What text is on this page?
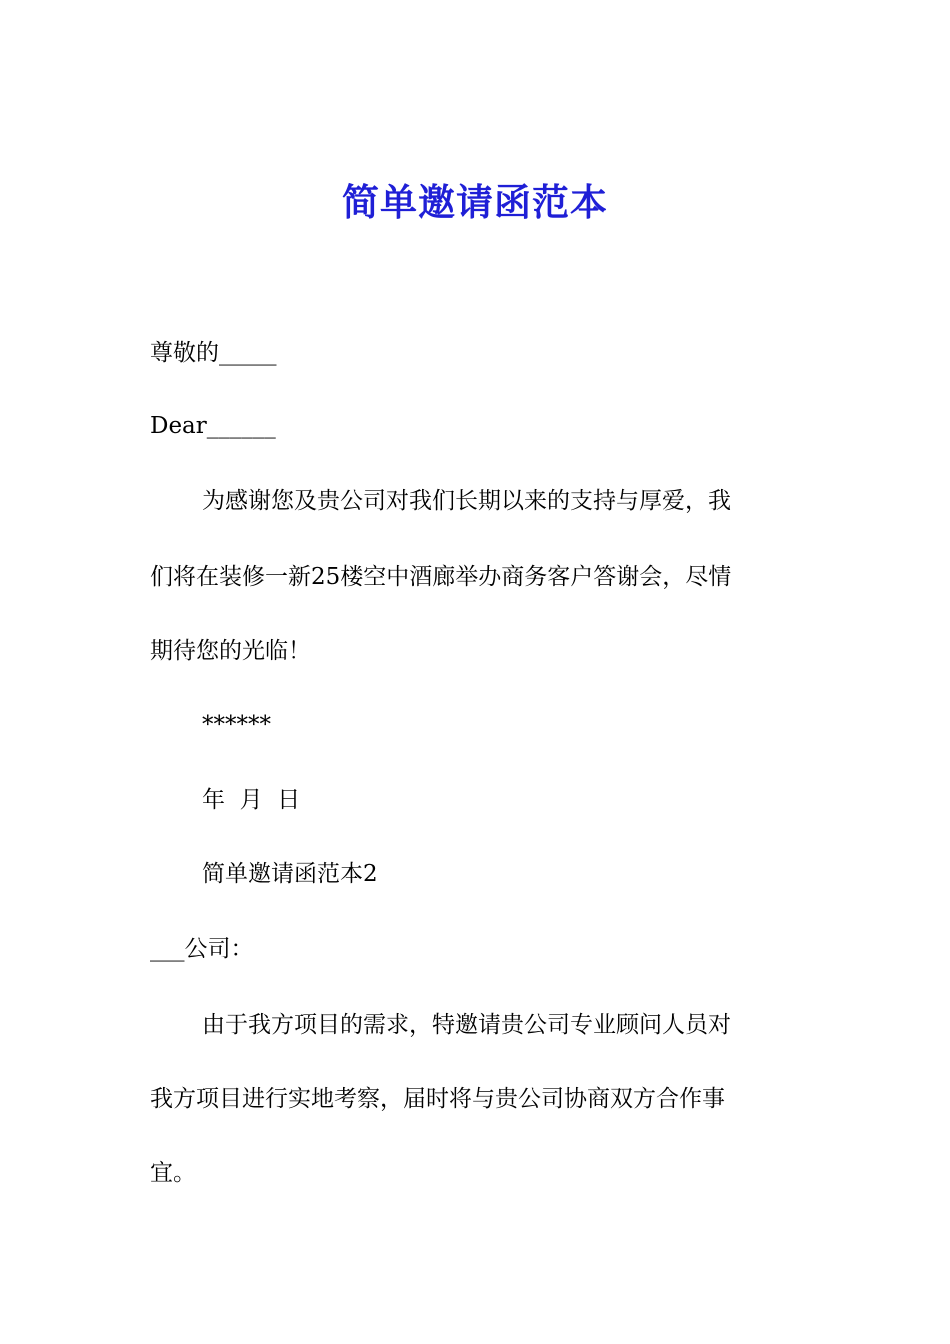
简单邀请函范本
尊敬的_____
Dear______
为感谢您及贵公司对我们长期以来的支持与厚爱，我
们将在装修一新25楼空中酒廊举办商务客户答谢会，尽情
期待您的光临！
******
年  月  日
简单邀请函范本2
___公司：
由于我方项目的需求，特邀请贵公司专业顾问人员对
我方项目进行实地考察，届时将与贵公司协商双方合作事
宜。
